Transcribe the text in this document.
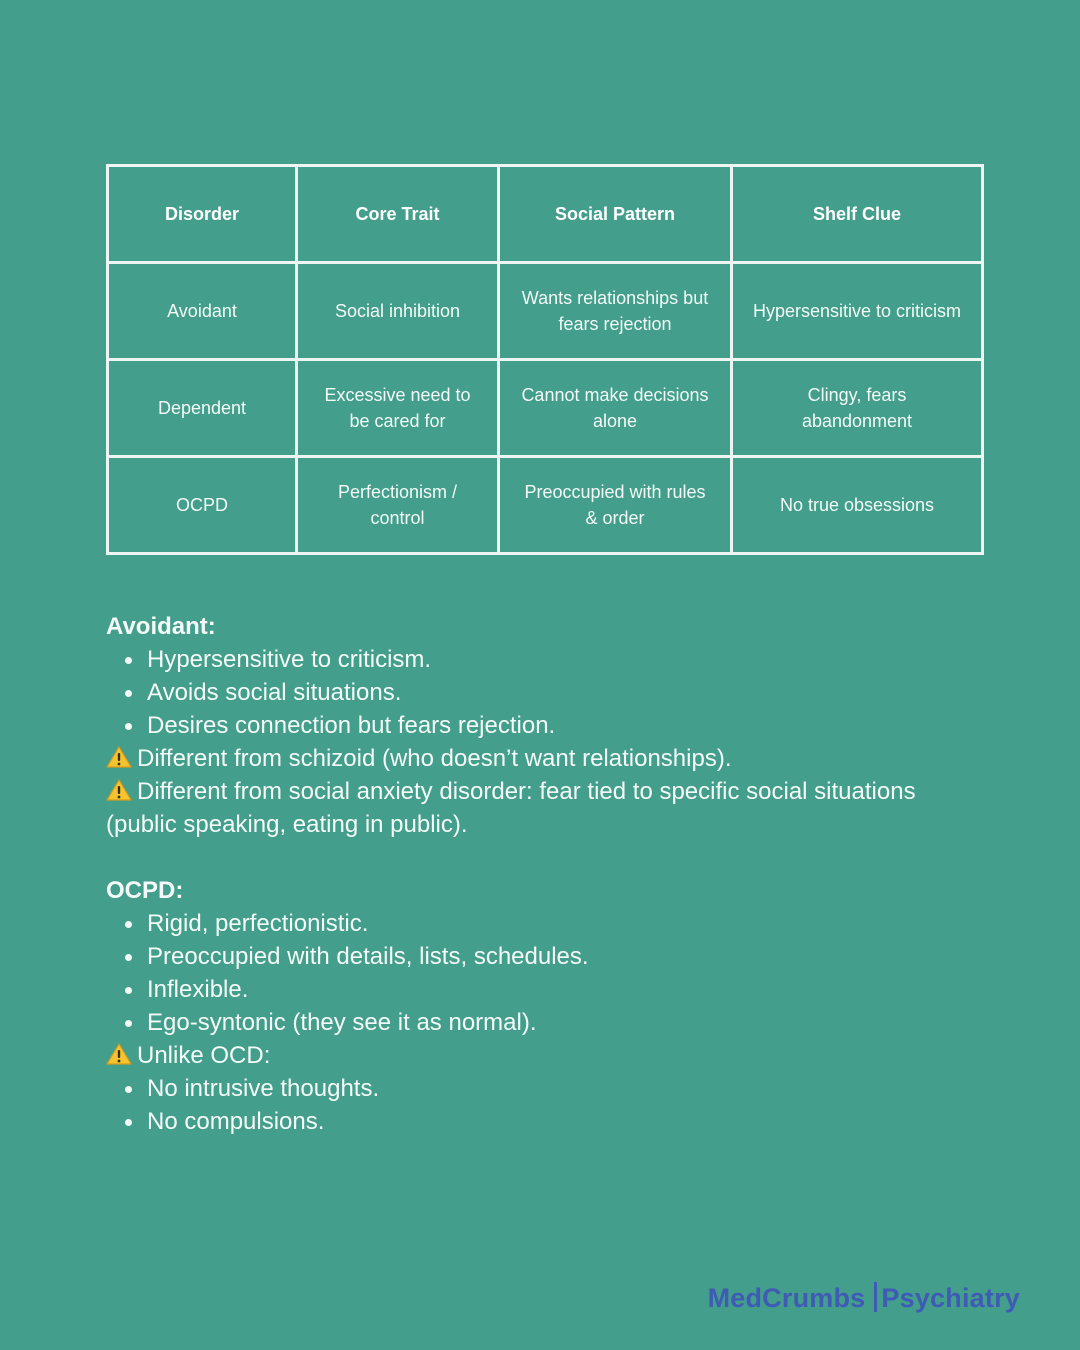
Disorder	Core Trait	Social Pattern	Shelf Clue
Avoidant	Social inhibition	Wants relationships but fears rejection	Hypersensitive to criticism
Dependent	Excessive need to be cared for	Cannot make decisions alone	Clingy, fears abandonment
OCPD	Perfectionism / control	Preoccupied with rules & order	No true obsessions

Avoidant:

Hypersensitive to criticism.
Avoids social situations.
Desires connection but fears rejection.

Different from schizoid (who doesn’t want relationships).

Different from social anxiety disorder: fear tied to specific social situations (public speaking, eating in public).

OCPD:

Rigid, perfectionistic.
Preoccupied with details, lists, schedules.
Inflexible.
Ego-syntonic (they see it as normal).

Unlike OCD:

No intrusive thoughts.
No compulsions.
MedCrumbs Psychiatry
